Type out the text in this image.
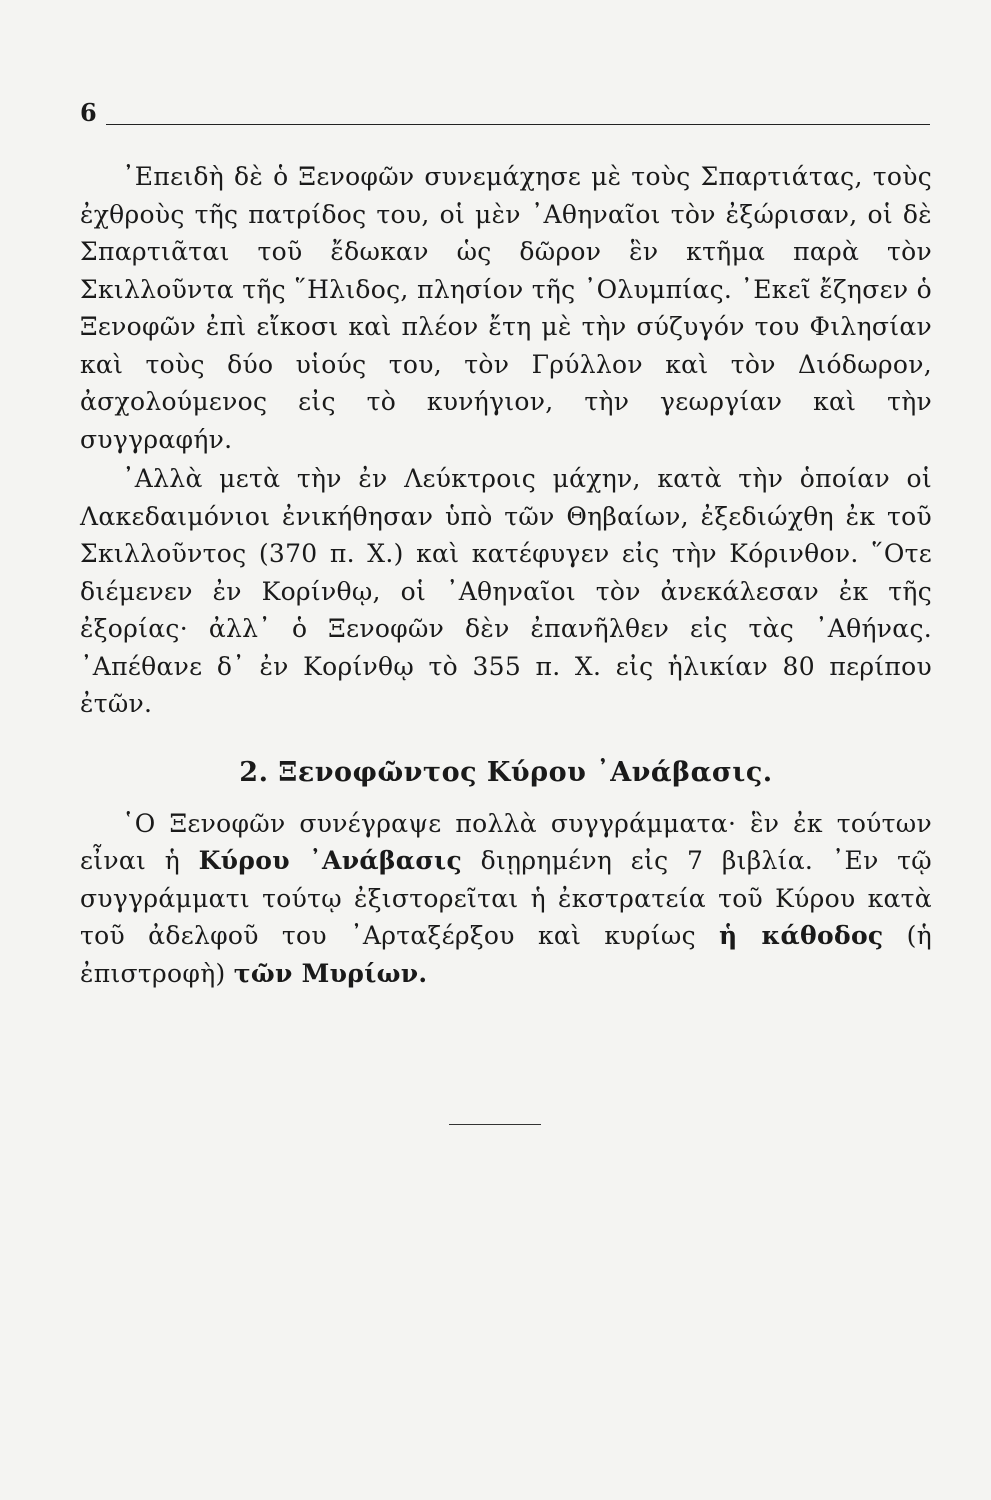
6

᾿Επειδὴ δὲ ὁ Ξενοφῶν συνεμάχησε μὲ τοὺς Σπαρτιάτας, τοὺς ἐχθροὺς τῆς πατρίδος του, οἱ μὲν ᾿Αθηναῖοι τὸν ἐξώρισαν, οἱ δὲ Σπαρτιᾶται τοῦ ἔδωκαν ὡς δῶρον ἓν κτῆμα παρὰ τὸν Σκιλλοῦντα τῆς ῞Ηλιδος, πλησίον τῆς ᾿Ολυμπίας. ᾿Εκεῖ ἔζησεν ὁ Ξενοφῶν ἐπὶ εἴκοσι καὶ πλέον ἔτη μὲ τὴν σύζυγόν του Φιλησίαν καὶ τοὺς δύο υἱούς του, τὸν Γρύλλον καὶ τὸν Διόδωρον, ἀσχολούμενος εἰς τὸ κυνήγιον, τὴν γεωργίαν καὶ τὴν συγγραφήν.

᾿Αλλὰ μετὰ τὴν ἐν Λεύκτροις μάχην, κατὰ τὴν ὁποίαν οἱ Λακεδαιμόνιοι ἐνικήθησαν ὑπὸ τῶν Θηβαίων, ἐξεδιώχθη ἐκ τοῦ Σκιλλοῦντος (370 π. Χ.) καὶ κατέφυγεν εἰς τὴν Κόρινθον. ῞Οτε διέμενεν ἐν Κορίνθῳ, οἱ ᾿Αθηναῖοι τὸν ἀνεκάλεσαν ἐκ τῆς ἐξορίας· ἀλλ᾿ ὁ Ξενοφῶν δὲν ἐπανῆλθεν εἰς τὰς ᾿Αθήνας. ᾿Απέθανε δ᾿ ἐν Κορίνθῳ τὸ 355 π. Χ. εἰς ἡλικίαν 80 περίπου ἐτῶν.

2. Ξενοφῶντος Κύρου ᾿Ανάβασις.

῾Ο Ξενοφῶν συνέγραψε πολλὰ συγγράμματα· ἓν ἐκ τούτων εἶναι ἡ Κύρου ᾿Ανάβασις διῃρημένη εἰς 7 βιβλία. ᾿Εν τῷ συγγράμματι τούτῳ ἐξιστορεῖται ἡ ἐκστρατεία τοῦ Κύρου κατὰ τοῦ ἀδελφοῦ του ᾿Αρταξέρξου καὶ κυρίως ἡ κάθοδος (ἡ ἐπιστροφὴ) τῶν Μυρίων.
